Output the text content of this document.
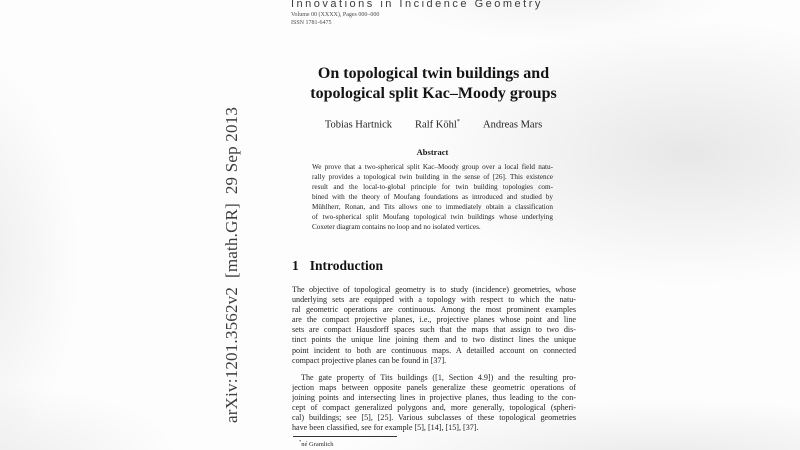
arXiv:1201.3562v2  [math.GR]  29 Sep 2013
Innovations in Incidence Geometry
Volume 00 (XXXX), Pages 000–000
ISSN 1781-6475
On topological twin buildings and
topological split Kac–Moody groups
Tobias Hartnick Ralf Köhl* Andreas Mars
Abstract
We prove that a two-spherical split Kac–Moody group over a local field natu-
rally provides a topological twin building in the sense of [26]. This existence
result and the local-to-global principle for twin building topologies com-
bined with the theory of Moufang foundations as introduced and studied by
Mühlherr, Ronan, and Tits allows one to immediately obtain a classification
of two-spherical split Moufang topological twin buildings whose underlying
Coxeter diagram contains no loop and no isolated vertices.
1 Introduction
The objective of topological geometry is to study (incidence) geometries, whose
underlying sets are equipped with a topology with respect to which the natu-
ral geometric operations are continuous. Among the most prominent examples
are the compact projective planes, i.e., projective planes whose point and line
sets are compact Hausdorff spaces such that the maps that assign to two dis-
tinct points the unique line joining them and to two distinct lines the unique
point incident to both are continuous maps. A detailled account on connected
compact projective planes can be found in [37].
The gate property of Tits buildings ([1, Section 4.9]) and the resulting pro-
jection maps between opposite panels generalize these geometric operations of
joining points and intersecting lines in projective planes, thus leading to the con-
cept of compact generalized polygons and, more generally, topological (spheri-
cal) buildings; see [5], [25]. Various subclasses of these topological geometries
have been classified, see for example [5], [14], [15], [37].
*né Gramlich
